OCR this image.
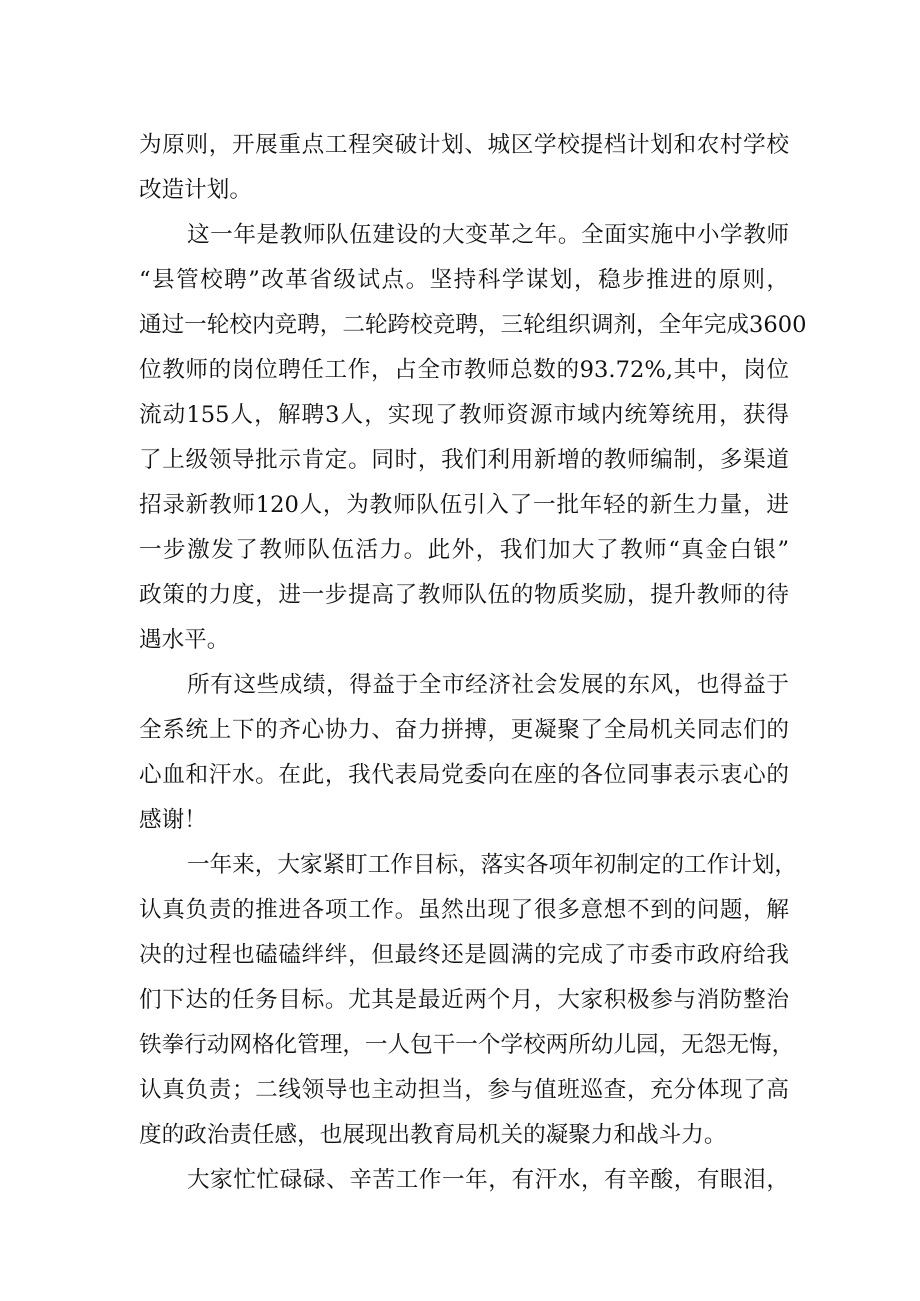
为原则，开展重点工程突破计划、城区学校提档计划和农村学校
改造计划。
这一年是教师队伍建设的大变革之年。全面实施中小学教师
“县管校聘”改革省级试点。坚持科学谋划，稳步推进的原则，
通过一轮校内竞聘，二轮跨校竞聘，三轮组织调剂，全年完成3600
位教师的岗位聘任工作，占全市教师总数的93.72%,其中，岗位
流动155人，解聘3人，实现了教师资源市域内统筹统用，获得
了上级领导批示肯定。同时，我们利用新增的教师编制，多渠道
招录新教师120人，为教师队伍引入了一批年轻的新生力量，进
一步激发了教师队伍活力。此外，我们加大了教师“真金白银”
政策的力度，进一步提高了教师队伍的物质奖励，提升教师的待
遇水平。
所有这些成绩，得益于全市经济社会发展的东风，也得益于
全系统上下的齐心协力、奋力拼搏，更凝聚了全局机关同志们的
心血和汗水。在此，我代表局党委向在座的各位同事表示衷心的
感谢！
一年来，大家紧盯工作目标，落实各项年初制定的工作计划，
认真负责的推进各项工作。虽然出现了很多意想不到的问题，解
决的过程也磕磕绊绊，但最终还是圆满的完成了市委市政府给我
们下达的任务目标。尤其是最近两个月，大家积极参与消防整治
铁拳行动网格化管理，一人包干一个学校两所幼儿园，无怨无悔，
认真负责；二线领导也主动担当，参与值班巡查，充分体现了高
度的政治责任感，也展现出教育局机关的凝聚力和战斗力。
大家忙忙碌碌、辛苦工作一年，有汗水，有辛酸，有眼泪，
